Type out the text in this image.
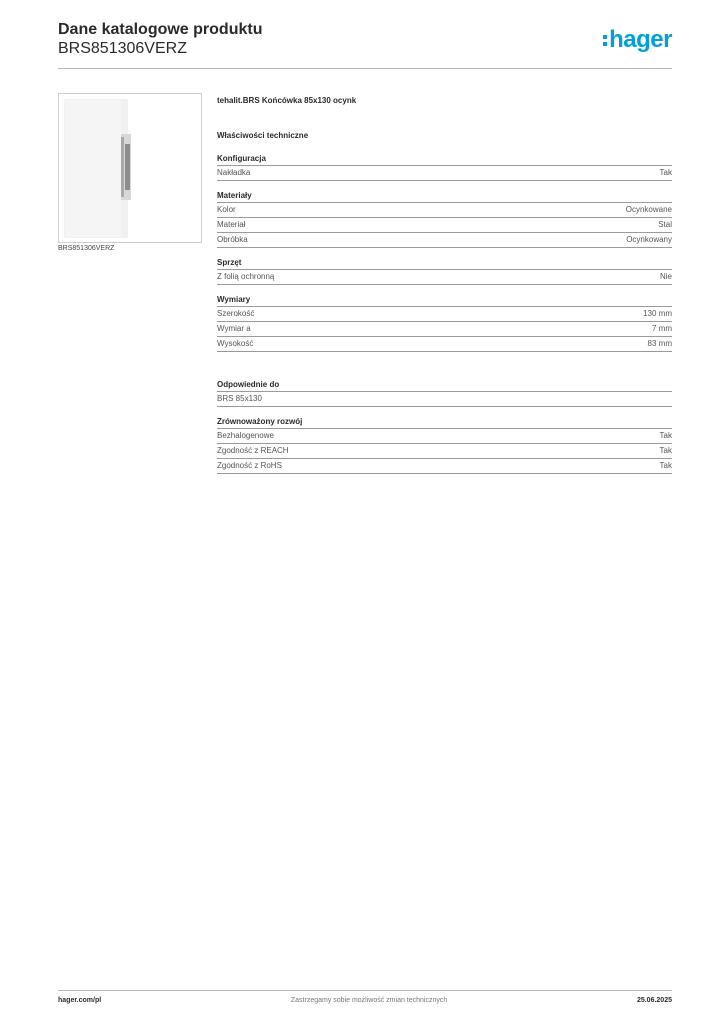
Dane katalogowe produktu
BRS851306VERZ	hager
BRS851306VERZ
tehalit.BRS Końcówka 85x130 ocynk
Właściwości techniczne
Konfiguracja
Nakładka	Tak
Materiały
Kolor	Ocynkowane
Materiał	Stal
Obróbka	Ocynkowany
Sprzęt
Z folią ochronną	Nie
Wymiary
Szerokość	130 mm
Wymiar a	7 mm
Wysokość	83 mm
Odpowiednie do
BRS 85x130
Zrównoważony rozwój
Bezhalogenowe	Tak
Zgodność z REACH	Tak
Zgodność z RoHS	Tak
hager.com/pl	Zastrzegamy sobie możliwość zmian technicznych	25.06.2025
